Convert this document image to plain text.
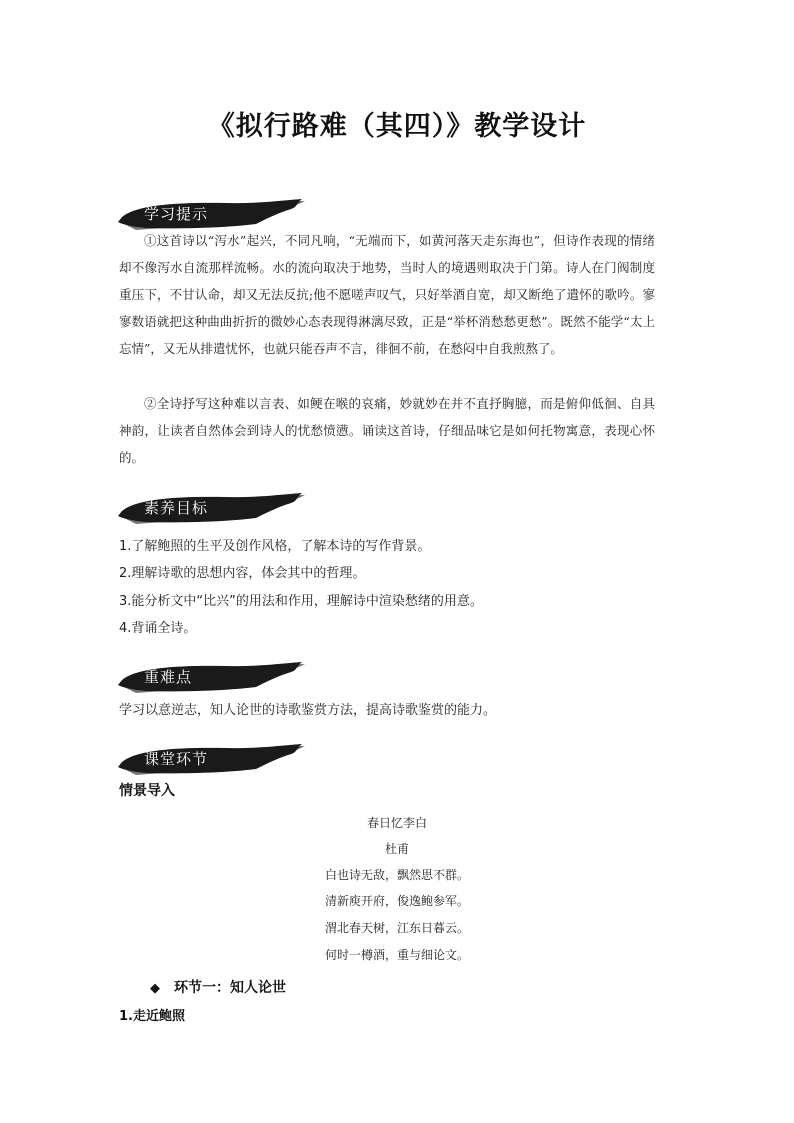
《拟行路难（其四）》教学设计
学习提示

①这首诗以“泻水”起兴，不同凡响，“无端而下，如黄河落天走东海也”，但诗作表现的情绪却不像泻水自流那样流畅。水的流向取决于地势，当时人的境遇则取决于门第。诗人在门阀制度重压下，不甘认命，却又无法反抗;他不愿嗟声叹气，只好举酒自宽，却又断绝了遣怀的歌吟。寥寥数语就把这种曲曲折折的微妙心态表现得淋漓尽致，正是“举杯消愁愁更愁”。既然不能学“太上忘情”，又无从排遣忧怀，也就只能吞声不言，徘徊不前，在愁闷中自我煎熬了。

②全诗抒写这种难以言表、如鲠在喉的哀痛，妙就妙在并不直抒胸臆，而是俯仰低徊、自具神韵，让读者自然体会到诗人的忧愁愤懑。诵读这首诗，仔细品味它是如何托物寓意，表现心怀的。

素养目标
1.了解鲍照的生平及创作风格，了解本诗的写作背景。
2.理解诗歌的思想内容，体会其中的哲理。
3.能分析文中“比兴”的用法和作用，理解诗中渲染愁绪的用意。
4.背诵全诗。
重难点
学习以意逆志，知人论世的诗歌鉴赏方法，提高诗歌鉴赏的能力。
课堂环节
情景导入
春日忆李白
杜甫
白也诗无敌，飘然思不群。
清新庾开府，俊逸鲍参军。
渭北春天树，江东日暮云。
何时一樽酒，重与细论文。
◆ 环节一：知人论世
1.走近鲍照
